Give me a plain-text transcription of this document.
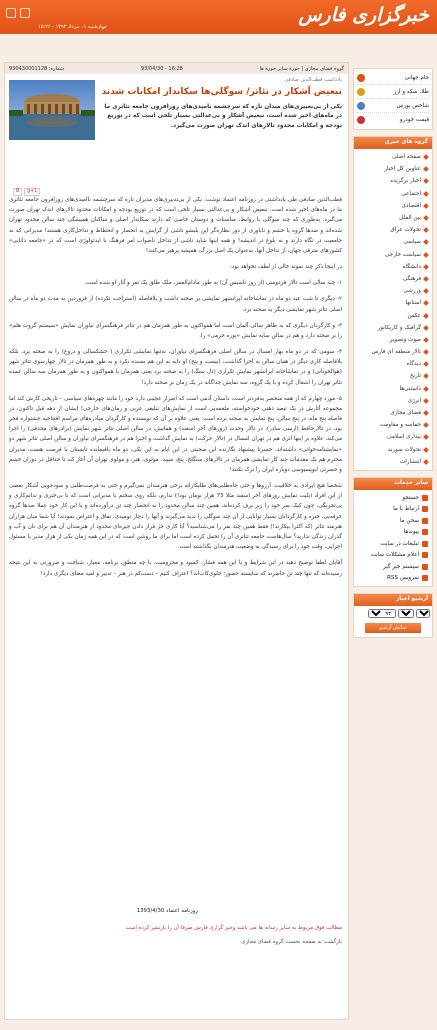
خبرگزاری فارس
چهارشنبه ۰۱ مرداد ۱۳۹۳ - ۱۵:۲۶
جام جهانی
طلا، سکه و ارز
شاخص بورس
قیمت خودرو
گروه های خبری
صفحه اصلی
عناوین کل اخبار
اخبار برگزیده
اجتماعی
اقتصادی
بین الملل
تحولات عراق
سیاسی
سیاست خارجی
دانشگاه
فرهنگی
ورزشی
استانها
عکس
گرافیک و کاریکاتور
صوت وتصویر
تالار منطقه ای فارس
دیدگاه
تاریخ
داستنی‌ها
انرژی
فضای مجازی
حماسه و مقاومت
بیداری اسلامی
تحولات سوریه
انتشارات
سایر خدمات
جستجو
ارتباط با ما
سخن ما
پیوندها
تبلیغات در سایت
اعلام مشکلات سایت
سیستم خبر گیر
سرویس RSS
آرشیو اخبار
۱
۵
۱۳۹۳
نمایش آرشیو
گروه فضای مجازی | حوزه سایر حوزه ها
16:28 - 93/04/30
شماره: 930430001128
یادداشت قطب‌الدین صادقی
تبعیض آشکار در تئاتر/ سوگلی‌ها سکاندار امکانات شدند
یکی از بی‌تعییری‌های میدان تازه که سرچشمه نامیدی‌های روزافزون جامعه تئاتری ما در ماه‌های اخیر شده است، تبعیض آشکار و بی‌عدالتی بسیار تلخی است که در توزیع بودجه و امکانات محدود تالارهای اندک تهران صورت می‌گیرد.
g+1
0

قطب‌الدین صادقی طی یادداشتی در روزنامه اعتماد نوشت: یکی از بی‌تدبیری‌های مدیران تازه که سرچشمه ناامیدی‌های روزافزون جامعه تئاتری ما در ماه‌های اخیر شده است، تبعیض آشکار و بی‌عدالتی بسیار تلخی است که در توزیع بودجه و امکانات محدود تالارهای اندک تهران صورت می‌گیرد. به‌طوری که چند سوگلی با روابط، مناسبات و دوستان خاصی که دارند سکاندار اصلی و ساکنان همیشگی چند سالن محدود تهران شده‌اند و صدها گروه با خشم و ناباوری از دور نظاره‌گر این بلبشو ناشی از گرایش به انحصار و انحطاط و تداخل‌کاری هستند! مدیرانی که نه جامعیت در نگاه دارند و نه بلوغ در اندیشه! و همه اینها شاید ناشی از تداخل ناصواب امر فرهنگ با ایدئولوژی است که در «جامعه دانایی» کشورهای مترقی جهان، از تداخل آنها، به‌عنوان یک اصل بزرگ، همیشه پرهیز می‌کنند!

در اینجا ذکر چند نمونه خالی از لطف نخواهد بود:

۱- چند سالی است تالار فردوسی (از روز تاسیس آن) به طور مادام‌العمر، ملک طلق یک نفر و آثار او شده است.

۲- دیگری تا شب عید دو ماه در تماشاخانه ایرانشهر نمایشی بر صحنه داشت و بلافاصله (استراحت نکرده) از فروردین به مدت دو ماه در سالن اصلی تئاتر شهر نمایشی دیگر به صحنه برد.

۳- و کارگردان دیگری که به ظاهر سالی آلمان است اما همواکنون به طور همزمان هم در تئاتر فرهنگسرای نیاوران نمایش «سیستم گروت هلم» را بر صحنه دارد و هم در سالن سایه نمایش «بوزه جرمی» را.

۴- سومی که در دو ماه بهار امسال در سالن اصلی فرهنگسرای نیاوران، نه‌تنها نمایشی تکراری ( خشکسالی و دروغ) را به صحنه برد، بلکه بلافاصله کاری دیگر در همان سالن به اجرا گذاشت، (بیست و پنج) او دایه به این هم بسنده نکرد و به طور همزمان در تالار چهارسوی تئاتر شهر (هوالخوبانی) و در تماشاخانه ایرانشهر نمایش تکراری (دل سنگ) را به صحنه برد یعنی همزمان با همواکنون و به طور همزمان سه سالن عمده تئاتر تهران را اشغال کرده و با یک گروه، سه نمایش جداگانه در یک زمان بر صحنه دارد!

۵- مورد چهارم که از همه منحصر به‌فردتر است، داستان آدمی است که اصرار عجیبی دارد خود را مانند چهره‌های سیاسی – تاریخی کارش کند اما مجموعه آثارش در یک تبعید ذهنی خودخواسته، ملغمه‌یی است از نمایش‌های تبلیغی عربی و رمان‌های خارجی! ایشان از دهه قبل تاکنون، در فاصله پنج ماه، در پنج سالن، پنج نمایش به صحنه برده است: یعنی علاوه بر آن که نویسنده و کارگردان میادره‌های مراسم افتتاحیه جشنواره فجر بود، در تالارحافظ (ارسی سادر)، در تالار وحدت (زوزهای آخر اسفند) و همایش، در سالن اصلی تئاتر شهر نمایش (برادرهای محذفی) را اجرا می‌کند، علاوه بر اینها اثری هم در تهران امسال در (تالار حرکت) به نمایش گذاشت و اخیرا هم در فرهنگسرای نیاوران و سالن اصلی تئاتر شهر دو «نمایشنامه‌خوانی» داشته‌اند. حسرتا پیشنهاد نگارنده این صحبتی در این ایام به این یکی، دو ماه باقیمانده تابستان با فرصت هست، مدیران محترم هم یک مقدمات چند کار نمایشی همزمان در تالارهای سنگلج، پنج، سپید، مولوی، هنر، و مولوی تهران آن آغاز کند تا حداقل در دوران خشم و حسرتی ایوپسیوسی دوباره ایران را ترک نکنند!

شخصا هیچ ایرادی به خلاقیت، آرزوها و حتی جاه‌طلبی‌های طلبکارانه برخی هنرمندان نمی‌گیرم و حتی به فرصت‌طلبی و سودجویی آشکار بعضی از این افراد (بلیت نمایش روزهای آخر اسفند مثلا 75 هزار تومان بود!) ندارم، بلکه روی سخنم با مدیرانی است که با بی‌خبری و ندانم‌کاری و بی‌تجربگی، چون کبک سر خود را زیر برف کرده‌اند، همین چند سالن محدود را به انحصار چند تن درآورده‌اند و با این کار خود عملا صدها گروه حرفه‌یی، خبره و کارگردانان بسیار توانایی از آن چند سوگلی را ندید می‌گیرند و آنها را دچار نومیدی، نفاق و اعتراض نمودند! آیا شما میان هزاران هنرمند تئاتر (که اکثرا بیکارند!) فقط همین چند نفر را می‌شناسید؟ آیا کاری جز قرار دادن جیره‌ای محدود از هنرمندان آن هم برای نان و آب و گذران زندگی ندارید؟ سال‌هاست جامعه تئاتری آن را تحمل کرده است اما برای ما روشن است که در این همه زمان یکی از هزار مدیر یا مسئول اجرایی، وقت خود را برای رسیدگی به وضعیت هنرمندان نگذاشته است.

آقایان لطفا توضیح دهید در این شرایط و با این همه فشار، کمبود و محرومیت، با چه منطق، برنامه، معیار، شناخت و ضرورتی به این نتیجه رسیده‌اند که تنها چند تن حاضرند که شایسته حضور؛ جلوی‌کاب‌اند؟ اعتراف کنیم – دست‌کم در هنر – تدبیر و امید معنای دیگری دارد!

روزنامه اعتماد 1393/4/30
مطالب فوق مربوط به سایر رسانه ها می باشد وخبر گزاری فارس صرفا آن را بازنشر کرده است
بازگشت به صفحه نخست گروه فضای مجازی
